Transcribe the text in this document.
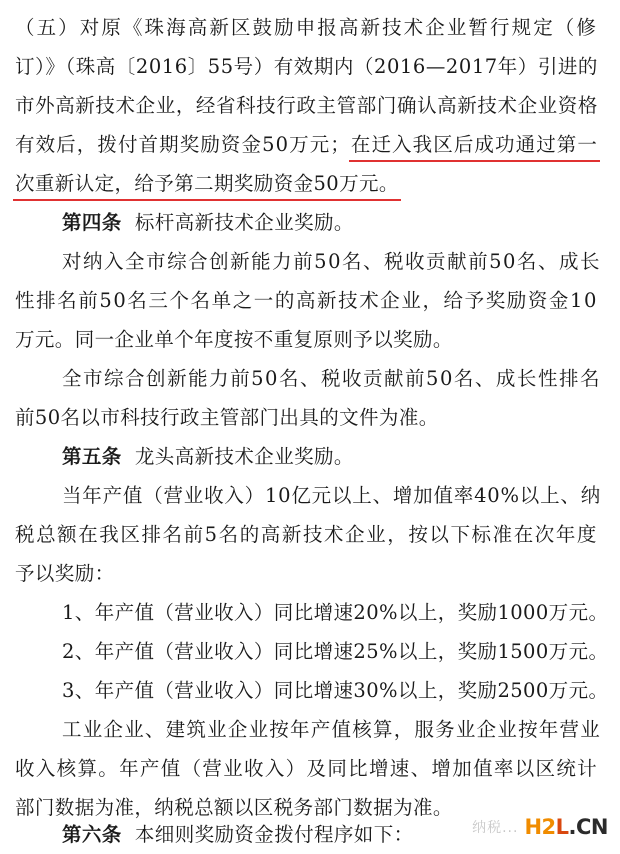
（五）对原《珠海高新区鼓励申报高新技术企业暂行规定（修
订）》（珠高〔2016〕55号）有效期内（2016—2017年）引进的
市外高新技术企业，经省科技行政主管部门确认高新技术企业资格
有效后，拨付首期奖励资金50万元；在迁入我区后成功通过第一
次重新认定，给予第二期奖励资金50万元。
第四条  标杆高新技术企业奖励。
对纳入全市综合创新能力前50名、税收贡献前50名、成长
性排名前50名三个名单之一的高新技术企业，给予奖励资金10
万元。同一企业单个年度按不重复原则予以奖励。
全市综合创新能力前50名、税收贡献前50名、成长性排名
前50名以市科技行政主管部门出具的文件为准。
第五条  龙头高新技术企业奖励。
当年产值（营业收入）10亿元以上、增加值率40%以上、纳
税总额在我区排名前5名的高新技术企业，按以下标准在次年度
予以奖励：
1、年产值（营业收入）同比增速20%以上，奖励1000万元。
2、年产值（营业收入）同比增速25%以上，奖励1500万元。
3、年产值（营业收入）同比增速30%以上，奖励2500万元。
工业企业、建筑业企业按年产值核算，服务业企业按年营业
收入核算。年产值（营业收入）及同比增速、增加值率以区统计
部门数据为准，纳税总额以区税务部门数据为准。
第六条  本细则奖励资金拨付程序如下：	纳税... H2L.CN
